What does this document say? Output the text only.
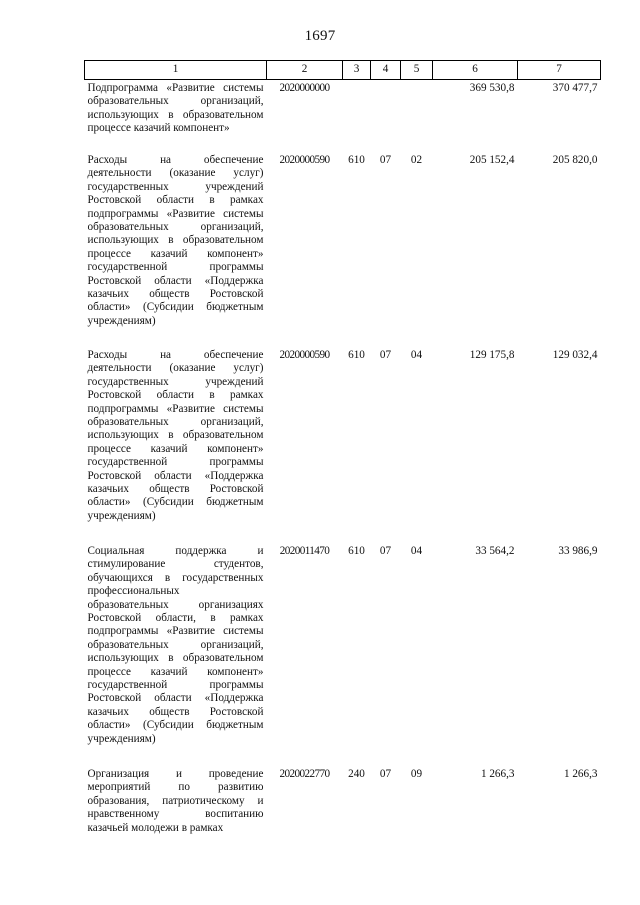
1697
1	2	3	4	5	6	7
Подпрограмма «Развитие системы образовательных организаций, использующих в образовательном процессе казачий компонент»	2020000000				369 530,8	370 477,7
Расходы на обеспечение деятельности (оказание услуг) государственных учреждений Ростовской области в рамках подпрограммы «Развитие системы образовательных организаций, использующих в образовательном процессе казачий компонент» государственной программы Ростовской области «Поддержка казачьих обществ Ростовской области» (Субсидии бюджетным учреждениям)	2020000590	610	07	02	205 152,4	205 820,0
Расходы на обеспечение деятельности (оказание услуг) государственных учреждений Ростовской области в рамках подпрограммы «Развитие системы образовательных организаций, использующих в образовательном процессе казачий компонент» государственной программы Ростовской области «Поддержка казачьих обществ Ростовской области» (Субсидии бюджетным учреждениям)	2020000590	610	07	04	129 175,8	129 032,4
Социальная поддержка и стимулирование студентов, обучающихся в государственных профессиональных образовательных организациях Ростовской области, в рамках подпрограммы «Развитие системы образовательных организаций, использующих в образовательном процессе казачий компонент» государственной программы Ростовской области «Поддержка казачьих обществ Ростовской области» (Субсидии бюджетным учреждениям)	2020011470	610	07	04	33 564,2	33 986,9
Организация и проведение мероприятий по развитию образования, патриотическому и нравственному воспитанию казачьей молодежи в рамках	2020022770	240	07	09	1 266,3	1 266,3
